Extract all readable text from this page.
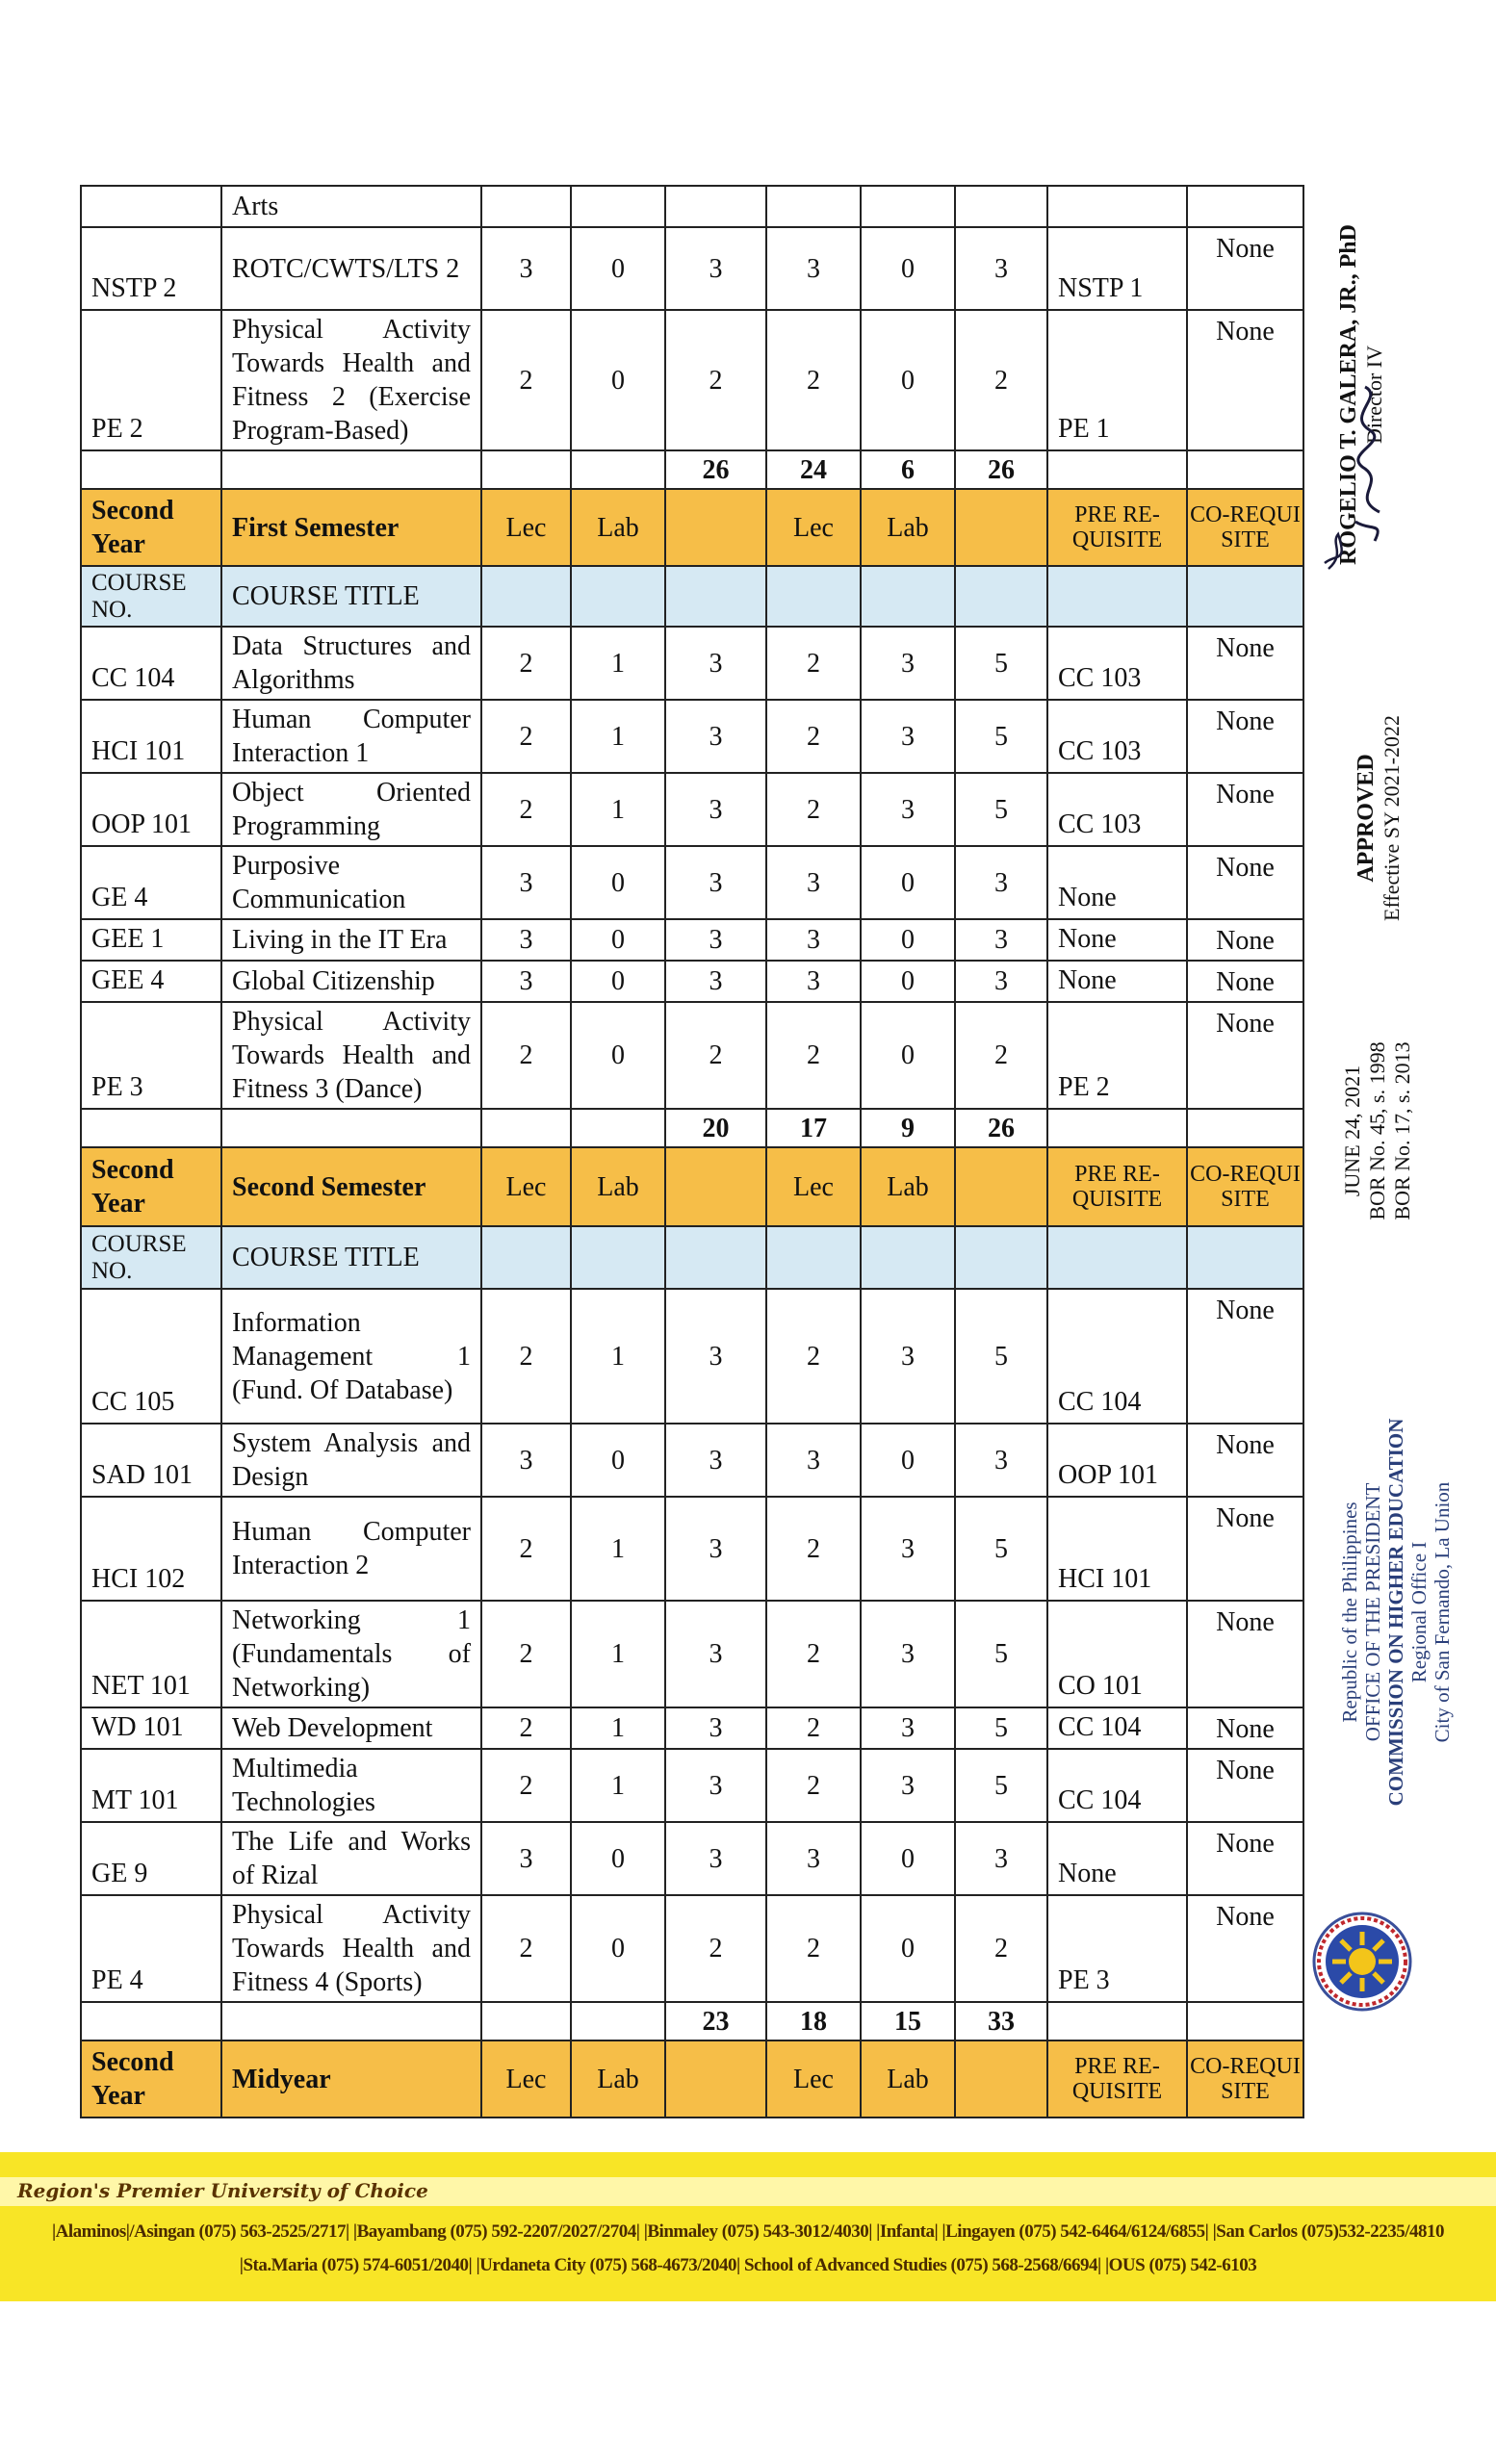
	Arts								
NSTP 2	ROTC/CWTS/LTS 2	3	0	3	3	0	3	NSTP 1	None
PE 2	Physical Activity Towards Health and Fitness 2 (Exercise Program-Based)	2	0	2	2	0	2	PE 1	None
				26	24	6	26		
Second Year	First Semester	Lec	Lab		Lec	Lab		PRE RE-QUISITE	CO-REQUI SITE
COURSE NO.	COURSE TITLE								
CC 104	Data Structures and Algorithms	2	1	3	2	3	5	CC 103	None
HCI 101	Human Computer Interaction 1	2	1	3	2	3	5	CC 103	None
OOP 101	Object Oriented Programming	2	1	3	2	3	5	CC 103	None
GE 4	Purposive Communication	3	0	3	3	0	3	None	None
GEE 1	Living in the IT Era	3	0	3	3	0	3	None	None
GEE 4	Global Citizenship	3	0	3	3	0	3	None	None
PE 3	Physical Activity Towards Health and Fitness 3 (Dance)	2	0	2	2	0	2	PE 2	None
				20	17	9	26		
Second Year	Second Semester	Lec	Lab		Lec	Lab		PRE RE-QUISITE	CO-REQUI SITE
COURSE NO.	COURSE TITLE								
CC 105	Information Management 1 (Fund. Of Database)	2	1	3	2	3	5	CC 104	None
SAD 101	System Analysis and Design	3	0	3	3	0	3	OOP 101	None
HCI 102	Human Computer Interaction 2	2	1	3	2	3	5	HCI 101	None
NET 101	Networking 1 (Fundamentals of Networking)	2	1	3	2	3	5	CO 101	None
WD 101	Web Development	2	1	3	2	3	5	CC 104	None
MT 101	Multimedia Technologies	2	1	3	2	3	5	CC 104	None
GE 9	The Life and Works of Rizal	3	0	3	3	0	3	None	None
PE 4	Physical Activity Towards Health and Fitness 4 (Sports)	2	0	2	2	0	2	PE 3	None
				23	18	15	33		
Second Year	Midyear	Lec	Lab		Lec	Lab		PRE RE-QUISITE	CO-REQUI SITE
ROGELIO T. GALERA, JR., PhD Director IV
APPROVED Effective SY 2021-2022
JUNE 24, 2021 BOR No. 45, s. 1998 BOR No. 17, s. 2013
Republic of the Philippines OFFICE OF THE PRESIDENT COMMISSION ON HIGHER EDUCATION Regional Office I City of San Fernando, La Union
Region's Premier University of Choice
|Alaminos|/Asingan (075) 563-2525/2717| |Bayambang (075) 592-2207/2027/2704| |Binmaley (075) 543-3012/4030| |Infanta| |Lingayen (075) 542-6464/6124/6855| |San Carlos (075)532-2235/4810
|Sta.Maria (075) 574-6051/2040| |Urdaneta City (075) 568-4673/2040| School of Advanced Studies (075) 568-2568/6694| |OUS (075) 542-6103
